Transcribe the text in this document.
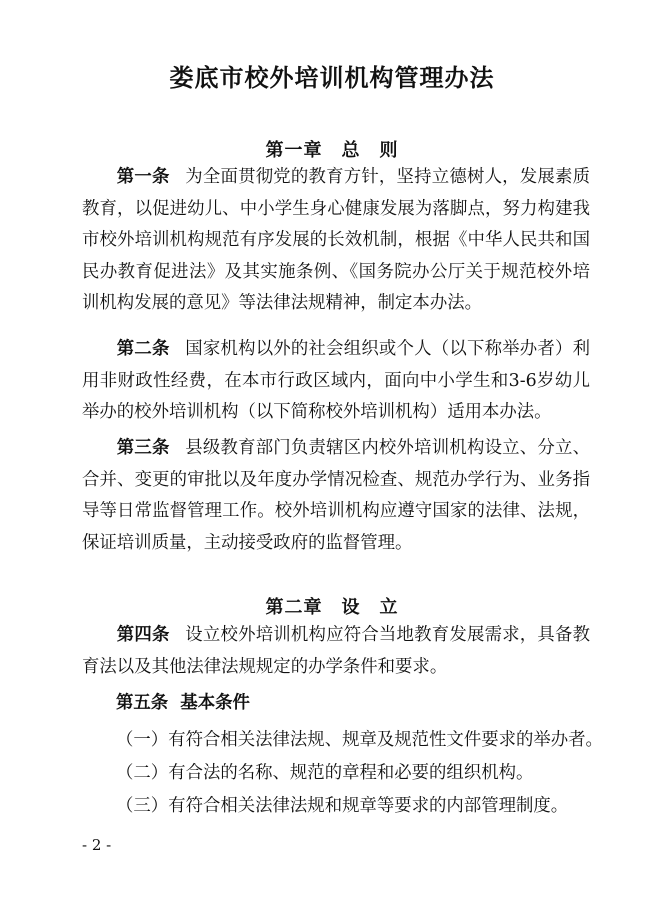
娄底市校外培训机构管理办法
第一章　总　则

第一条 为全面贯彻党的教育方针，坚持立德树人，发展素质教育，以促进幼儿、中小学生身心健康发展为落脚点，努力构建我市校外培训机构规范有序发展的长效机制，根据《中华人民共和国民办教育促进法》及其实施条例、《国务院办公厅关于规范校外培训机构发展的意见》等法律法规精神，制定本办法。

第二条 国家机构以外的社会组织或个人（以下称举办者）利用非财政性经费，在本市行政区域内，面向中小学生和3-6岁幼儿举办的校外培训机构（以下简称校外培训机构）适用本办法。

第三条 县级教育部门负责辖区内校外培训机构设立、分立、合并、变更的审批以及年度办学情况检查、规范办学行为、业务指导等日常监督管理工作。校外培训机构应遵守国家的法律、法规，保证培训质量，主动接受政府的监督管理。

第二章　设　立

第四条 设立校外培训机构应符合当地教育发展需求，具备教育法以及其他法律法规规定的办学条件和要求。

第五条 基本条件
（一）有符合相关法律法规、规章及规范性文件要求的举办者。
（二）有合法的名称、规范的章程和必要的组织机构。
（三）有符合相关法律法规和规章等要求的内部管理制度。
- 2 -
